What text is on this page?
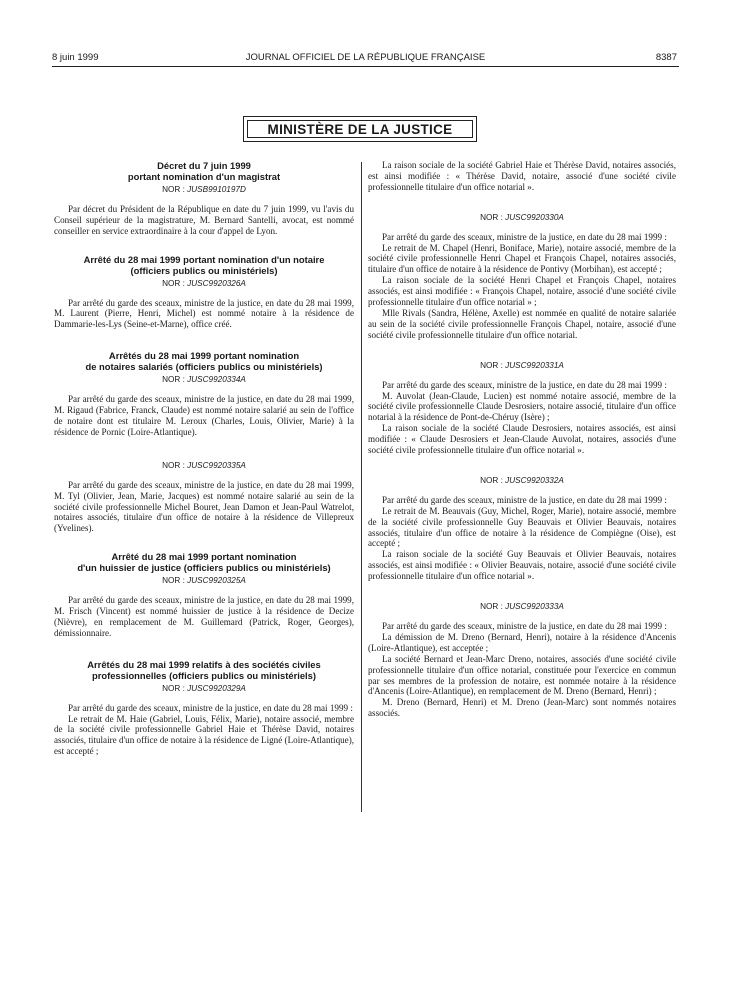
8 juin 1999	JOURNAL OFFICIEL DE LA RÉPUBLIQUE FRANÇAISE	8387
MINISTÈRE DE LA JUSTICE
Décret du 7 juin 1999
portant nomination d'un magistrat
NOR : JUSB9910197D

Par décret du Président de la République en date du 7 juin 1999, vu l'avis du Conseil supérieur de la magistrature, M. Bernard Santelli, avocat, est nommé conseiller en service extraordinaire à la cour d'appel de Lyon.

Arrêté du 28 mai 1999 portant nomination d'un notaire
(officiers publics ou ministériels)
NOR : JUSC9920326A

Par arrêté du garde des sceaux, ministre de la justice, en date du 28 mai 1999, M. Laurent (Pierre, Henri, Michel) est nommé notaire à la résidence de Dammarie-les-Lys (Seine-et-Marne), office créé.

Arrêtés du 28 mai 1999 portant nomination
de notaires salariés (officiers publics ou ministériels)
NOR : JUSC9920334A

Par arrêté du garde des sceaux, ministre de la justice, en date du 28 mai 1999, M. Rigaud (Fabrice, Franck, Claude) est nommé notaire salarié au sein de l'office de notaire dont est titulaire M. Leroux (Charles, Louis, Olivier, Marie) à la résidence de Pornic (Loire-Atlantique).

NOR : JUSC9920335A

Par arrêté du garde des sceaux, ministre de la justice, en date du 28 mai 1999, M. Tyl (Olivier, Jean, Marie, Jacques) est nommé notaire salarié au sein de la société civile professionnelle Michel Bouret, Jean Damon et Jean-Paul Watrelot, notaires associés, titulaire d'un office de notaire à la résidence de Villepreux (Yvelines).

Arrêté du 28 mai 1999 portant nomination
d'un huissier de justice (officiers publics ou ministériels)
NOR : JUSC9920325A

Par arrêté du garde des sceaux, ministre de la justice, en date du 28 mai 1999, M. Frisch (Vincent) est nommé huissier de justice à la résidence de Decize (Nièvre), en remplacement de M. Guillemard (Patrick, Roger, Georges), démissionnaire.

Arrêtés du 28 mai 1999 relatifs à des sociétés civiles
professionnelles (officiers publics ou ministériels)
NOR : JUSC9920329A

Par arrêté du garde des sceaux, ministre de la justice, en date du 28 mai 1999 :

Le retrait de M. Haie (Gabriel, Louis, Félix, Marie), notaire associé, membre de la société civile professionnelle Gabriel Haie et Thérèse David, notaires associés, titulaire d'un office de notaire à la résidence de Ligné (Loire-Atlantique), est accepté ;

La raison sociale de la société Gabriel Haie et Thérèse David, notaires associés, est ainsi modifiée : « Thérèse David, notaire, associé d'une société civile professionnelle titulaire d'un office notarial ».

NOR : JUSC9920330A

Par arrêté du garde des sceaux, ministre de la justice, en date du 28 mai 1999 :

Le retrait de M. Chapel (Henri, Boniface, Marie), notaire associé, membre de la société civile professionnelle Henri Chapel et François Chapel, notaires associés, titulaire d'un office de notaire à la résidence de Pontivy (Morbihan), est accepté ;

La raison sociale de la société Henri Chapel et François Chapel, notaires associés, est ainsi modifiée : « François Chapel, notaire, associé d'une société civile professionnelle titulaire d'un office notarial » ;

Mlle Rivals (Sandra, Hélène, Axelle) est nommée en qualité de notaire salariée au sein de la société civile professionnelle François Chapel, notaire, associé d'une société civile professionnelle titulaire d'un office notarial.

NOR : JUSC9920331A

Par arrêté du garde des sceaux, ministre de la justice, en date du 28 mai 1999 :

M. Auvolat (Jean-Claude, Lucien) est nommé notaire associé, membre de la société civile professionnelle Claude Desrosiers, notaire associé, titulaire d'un office notarial à la résidence de Pont-de-Chéruy (Isère) ;

La raison sociale de la société Claude Desrosiers, notaires associés, est ainsi modifiée : « Claude Desrosiers et Jean-Claude Auvolat, notaires, associés d'une société civile professionnelle titulaire d'un office notarial ».

NOR : JUSC9920332A

Par arrêté du garde des sceaux, ministre de la justice, en date du 28 mai 1999 :

Le retrait de M. Beauvais (Guy, Michel, Roger, Marie), notaire associé, membre de la société civile professionnelle Guy Beauvais et Olivier Beauvais, notaires associés, titulaire d'un office de notaire à la résidence de Compiègne (Oise), est accepté ;

La raison sociale de la société Guy Beauvais et Olivier Beauvais, notaires associés, est ainsi modifiée : « Olivier Beauvais, notaire, associé d'une société civile professionnelle titulaire d'un office notarial ».

NOR : JUSC9920333A

Par arrêté du garde des sceaux, ministre de la justice, en date du 28 mai 1999 :

La démission de M. Dreno (Bernard, Henri), notaire à la résidence d'Ancenis (Loire-Atlantique), est acceptée ;

La société Bernard et Jean-Marc Dreno, notaires, associés d'une société civile professionnelle titulaire d'un office notarial, constituée pour l'exercice en commun par ses membres de la profession de notaire, est nommée notaire à la résidence d'Ancenis (Loire-Atlantique), en remplacement de M. Dreno (Bernard, Henri) ;

M. Dreno (Bernard, Henri) et M. Dreno (Jean-Marc) sont nommés notaires associés.
